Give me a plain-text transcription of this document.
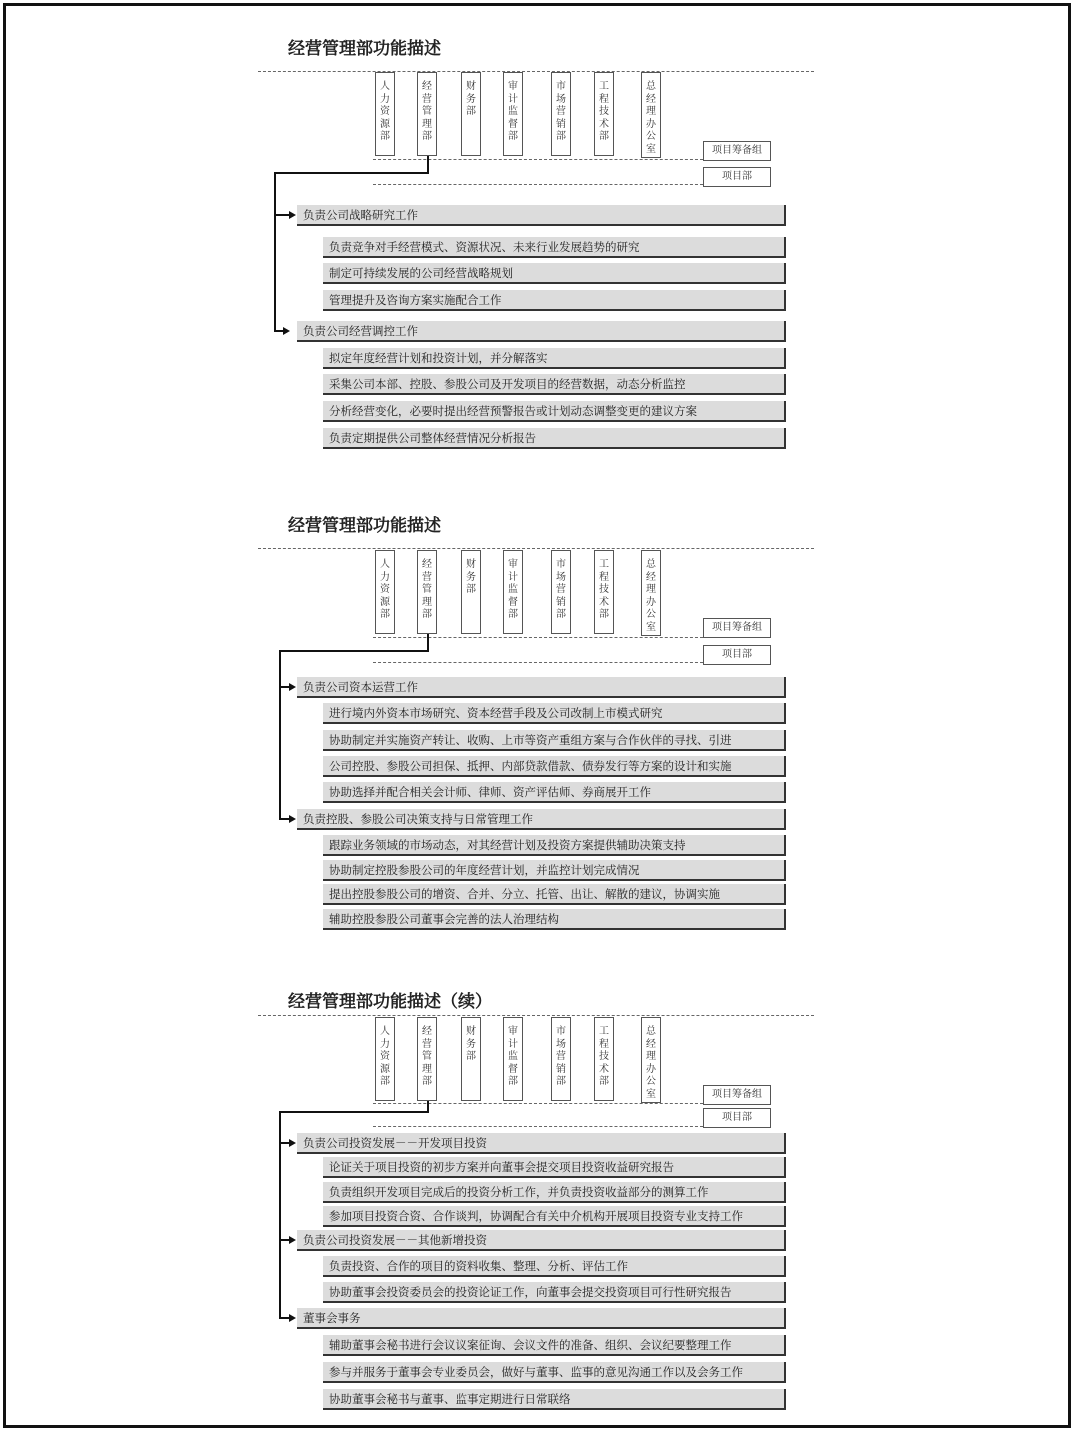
经营管理部功能描述
人力资源部
经营管理部
财务部
审计监督部
市场营销部
工程技术部
总经理办公室	项目筹备组
项目部
负责公司战略研究工作
负责竞争对手经营模式、资源状况、未来行业发展趋势的研究
制定可持续发展的公司经营战略规划
管理提升及咨询方案实施配合工作
负责公司经营调控工作
拟定年度经营计划和投资计划，并分解落实
采集公司本部、控股、参股公司及开发项目的经营数据，动态分析监控
分析经营变化，必要时提出经营预警报告或计划动态调整变更的建议方案
负责定期提供公司整体经营情况分析报告
经营管理部功能描述
人力资源部
经营管理部
财务部
审计监督部
市场营销部
工程技术部
总经理办公室	项目筹备组
项目部
负责公司资本运营工作
进行境内外资本市场研究、资本经营手段及公司改制上市模式研究
协助制定并实施资产转让、收购、上市等资产重组方案与合作伙伴的寻找、引进
公司控股、参股公司担保、抵押、内部贷款借款、债券发行等方案的设计和实施
协助选择并配合相关会计师、律师、资产评估师、券商展开工作
负责控股、参股公司决策支持与日常管理工作
跟踪业务领域的市场动态，对其经营计划及投资方案提供辅助决策支持
协助制定控股参股公司的年度经营计划，并监控计划完成情况
提出控股参股公司的增资、合并、分立、托管、出让、解散的建议，协调实施
辅助控股参股公司董事会完善的法人治理结构
经营管理部功能描述（续）
人力资源部
经营管理部
财务部
审计监督部
市场营销部
工程技术部
总经理办公室	项目筹备组
项目部
负责公司投资发展－－开发项目投资
论证关于项目投资的初步方案并向董事会提交项目投资收益研究报告
负责组织开发项目完成后的投资分析工作，并负责投资收益部分的测算工作
参加项目投资合资、合作谈判，协调配合有关中介机构开展项目投资专业支持工作
负责公司投资发展－－其他新增投资
负责投资、合作的项目的资料收集、整理、分析、评估工作
协助董事会投资委员会的投资论证工作，向董事会提交投资项目可行性研究报告
董事会事务
辅助董事会秘书进行会议议案征询、会议文件的准备、组织、会议纪要整理工作
参与并服务于董事会专业委员会，做好与董事、监事的意见沟通工作以及会务工作
协助董事会秘书与董事、监事定期进行日常联络
